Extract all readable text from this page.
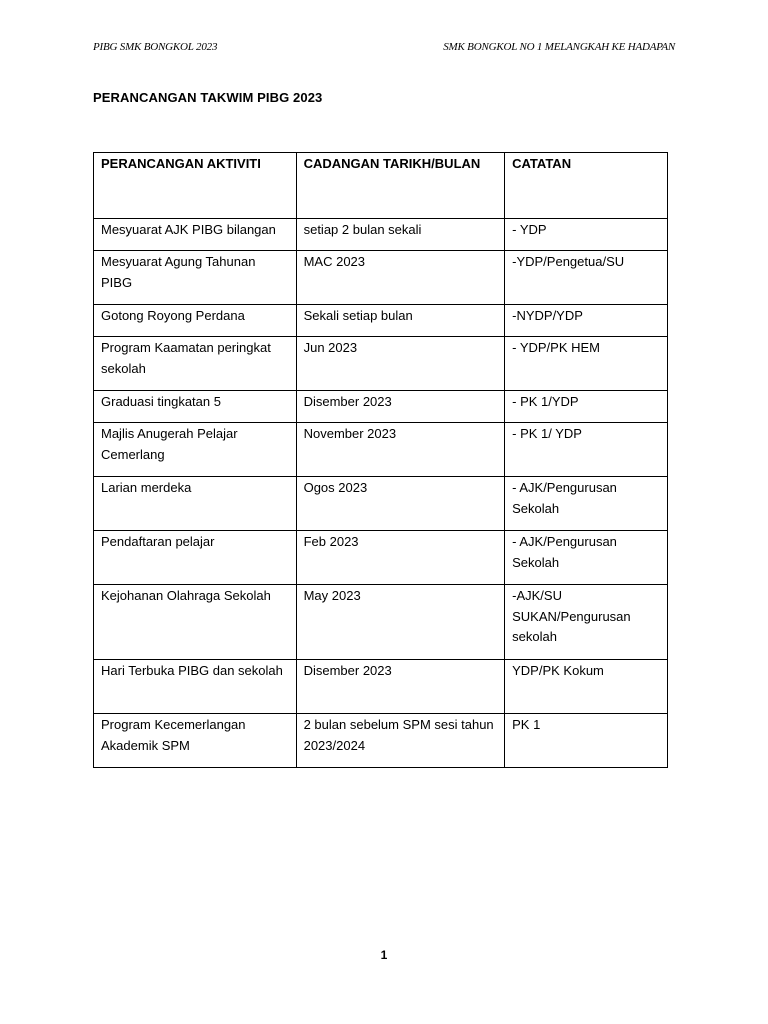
PIBG SMK BONGKOL 2023	SMK BONGKOL NO 1 MELANGKAH KE HADAPAN
PERANCANGAN TAKWIM PIBG 2023
PERANCANGAN AKTIVITI	CADANGAN TARIKH/BULAN	CATATAN
Mesyuarat AJK PIBG bilangan	setiap 2 bulan sekali	- YDP
Mesyuarat Agung Tahunan PIBG	MAC 2023	-YDP/Pengetua/SU
Gotong Royong Perdana	Sekali setiap bulan	-NYDP/YDP
Program Kaamatan peringkat sekolah	Jun 2023	- YDP/PK HEM
Graduasi tingkatan 5	Disember 2023	- PK 1/YDP
Majlis Anugerah Pelajar Cemerlang	November 2023	- PK 1/ YDP
Larian merdeka	Ogos 2023	- AJK/Pengurusan Sekolah
Pendaftaran pelajar	Feb 2023	- AJK/Pengurusan Sekolah
Kejohanan Olahraga Sekolah	May 2023	-AJK/SU SUKAN/Pengurusan sekolah
Hari Terbuka PIBG dan sekolah	Disember 2023	YDP/PK Kokum
Program Kecemerlangan Akademik SPM	2 bulan sebelum SPM sesi tahun 2023/2024	PK 1
1
